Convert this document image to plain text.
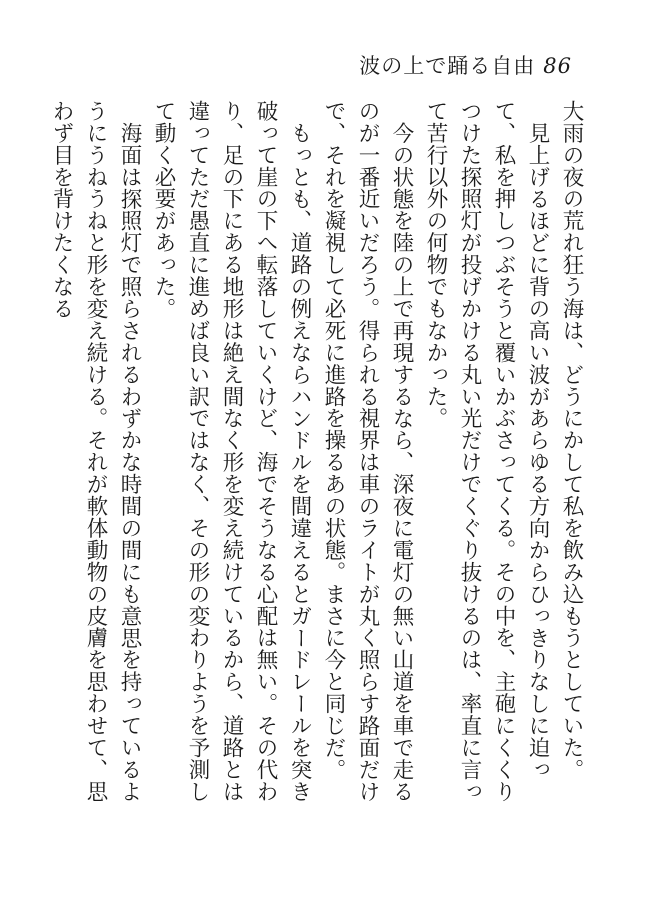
波の上で踊る自由 86

大雨の夜の荒れ狂う海は、どうにかして私を飲み込もうとしていた。

見上げるほどに背の高い波があらゆる方向からひっきりなしに迫って、私を押しつぶそうと覆いかぶさってくる。その中を、主砲にくくりつけた探照灯が投げかける丸い光だけでくぐり抜けるのは、率直に言って苦行以外の何物でもなかった。

今の状態を陸の上で再現するなら、深夜に電灯の無い山道を車で走るのが一番近いだろう。得られる視界は車のライトが丸く照らす路面だけで、それを凝視して必死に進路を操るあの状態。まさに今と同じだ。

もっとも、道路の例えならハンドルを間違えるとガードレールを突き破って崖の下へ転落していくけど、海でそうなる心配は無い。その代わり、足の下にある地形は絶え間なく形を変え続けているから、道路とは違ってただ愚直に進めば良い訳ではなく、その形の変わりようを予測して動く必要があった。

海面は探照灯で照らされるわずかな時間の間にも意思を持っているようにうねうねと形を変え続ける。それが軟体動物の皮膚を思わせて、思わず目を背けたくなる
